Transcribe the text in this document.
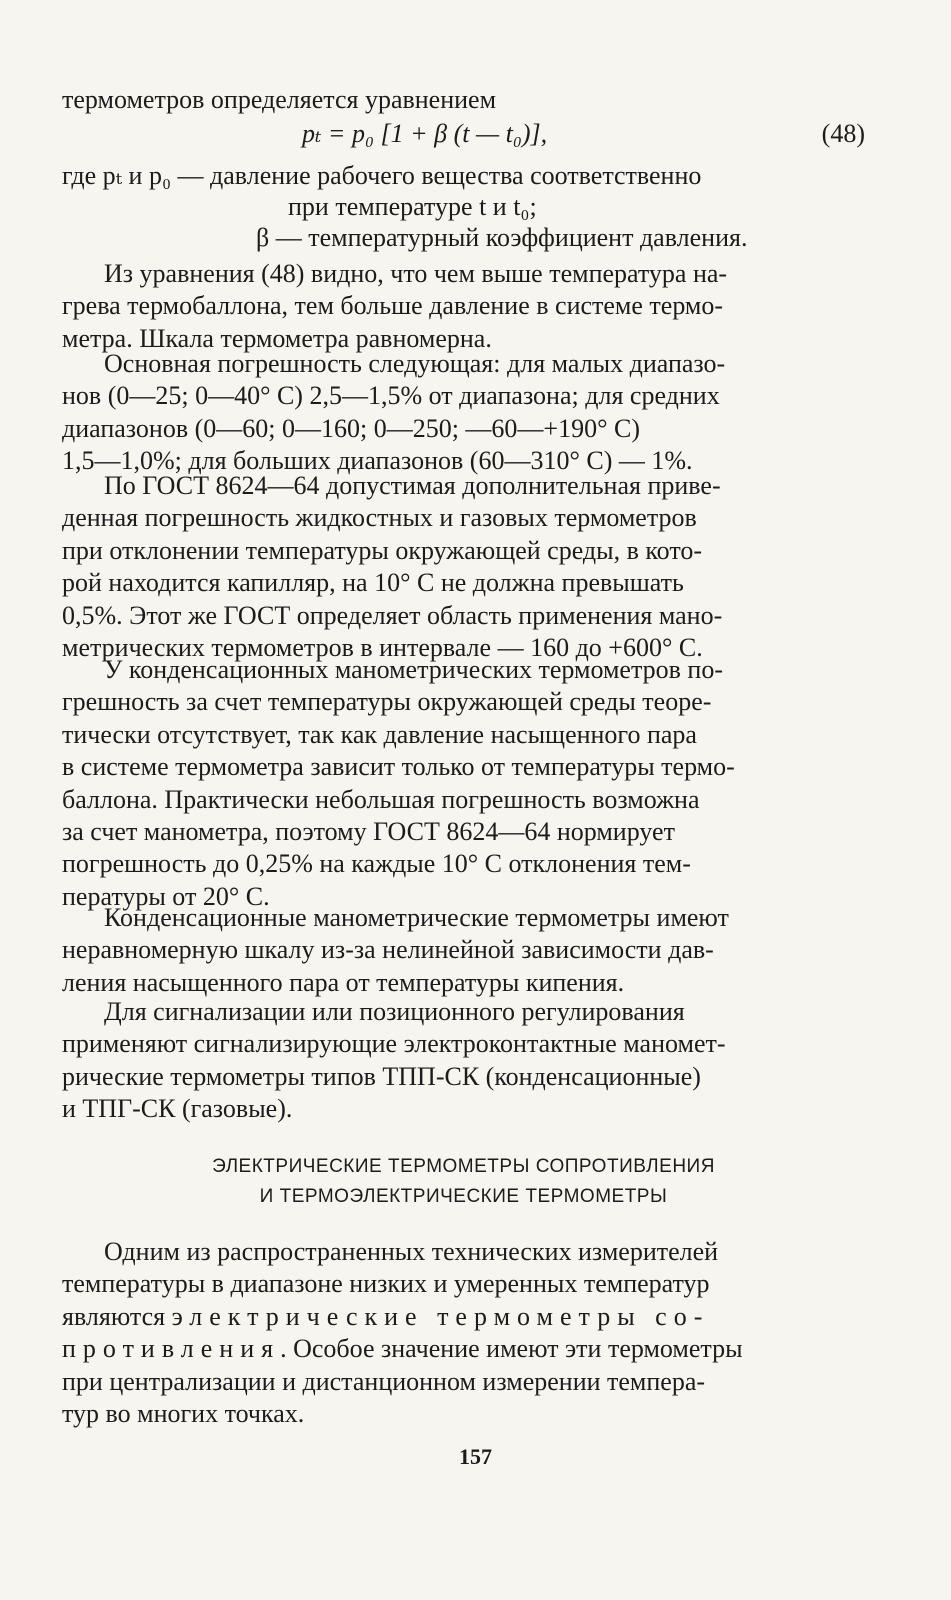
термометров определяется уравнением
pₜ = p₀ [1 + β (t — t₀)],	(48)
где pₜ и p₀ — давление рабочего вещества соответственно
при температуре t и t₀;
β — температурный коэффициент давления.
Из уравнения (48) видно, что чем выше температура на-
грева термобаллона, тем больше давление в системе термо-
метра. Шкала термометра равномерна.
Основная погрешность следующая: для малых диапазо-
нов (0—25; 0—40° С) 2,5—1,5% от диапазона; для средних
диапазонов (0—60; 0—160; 0—250; —60—+190° С)
1,5—1,0%; для больших диапазонов (60—310° С) — 1%.
По ГОСТ 8624—64 допустимая дополнительная приве-
денная погрешность жидкостных и газовых термометров
при отклонении температуры окружающей среды, в кото-
рой находится капилляр, на 10° С не должна превышать
0,5%. Этот же ГОСТ определяет область применения мано-
метрических термометров в интервале — 160 до +600° С.
У конденсационных манометрических термометров по-
грешность за счет температуры окружающей среды теоре-
тически отсутствует, так как давление насыщенного пара
в системе термометра зависит только от температуры термо-
баллона. Практически небольшая погрешность возможна
за счет манометра, поэтому ГОСТ 8624—64 нормирует
погрешность до 0,25% на каждые 10° С отклонения тем-
пературы от 20° С.
Конденсационные манометрические термометры имеют
неравномерную шкалу из-за нелинейной зависимости дав-
ления насыщенного пара от температуры кипения.
Для сигнализации или позиционного регулирования
применяют сигнализирующие электроконтактные маномет-
рические термометры типов ТПП-СК (конденсационные)
и ТПГ-СК (газовые).
ЭЛЕКТРИЧЕСКИЕ ТЕРМОМЕТРЫ СОПРОТИВЛЕНИЯ
И ТЕРМОЭЛЕКТРИЧЕСКИЕ ТЕРМОМЕТРЫ
Одним из распространенных технических измерителей
температуры в диапазоне низких и умеренных температур
являются электрические термометры со-
противления. Особое значение имеют эти термометры
при централизации и дистанционном измерении темпера-
тур во многих точках.
157
